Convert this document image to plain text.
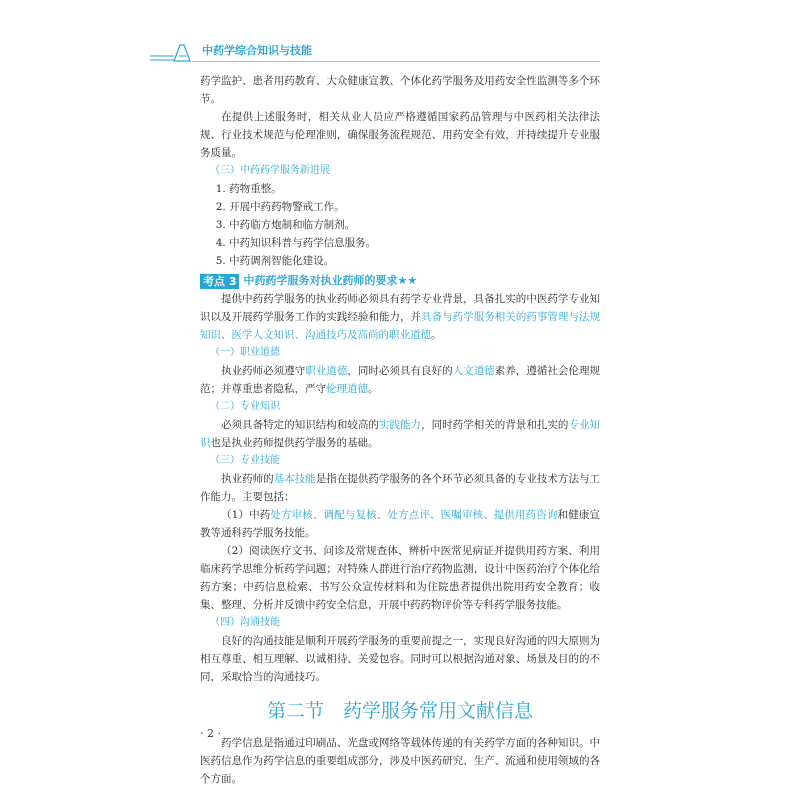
中药学综合知识与技能

药学监护、患者用药教育、大众健康宣教、个体化药学服务及用药安全性监测等多个环节。

在提供上述服务时，相关从业人员应严格遵循国家药品管理与中医药相关法律法规、行业技术规范与伦理准则，确保服务流程规范、用药安全有效，并持续提升专业服务质量。

（三）中药药学服务新进展

1. 药物重整。

2. 开展中药药物警戒工作。

3. 中药临方炮制和临方制剂。

4. 中药知识科普与药学信息服务。

5. 中药调剂智能化建设。

考点 3 中药药学服务对执业药师的要求★★

提供中药药学服务的执业药师必须具有药学专业背景，具备扎实的中医药学专业知识以及开展药学服务工作的实践经验和能力，并具备与药学服务相关的药事管理与法规知识、医学人文知识、沟通技巧及高尚的职业道德。

（一）职业道德

执业药师必须遵守职业道德，同时必须具有良好的人文道德素养，遵循社会伦理规范；并尊重患者隐私，严守伦理道德。

（二）专业知识

必须具备特定的知识结构和较高的实践能力，同时药学相关的背景和扎实的专业知识也是执业药师提供药学服务的基础。

（三）专业技能

执业药师的基本技能是指在提供药学服务的各个环节必须具备的专业技术方法与工作能力。主要包括：

（1）中药处方审核、调配与复核、处方点评、医嘱审核、提供用药咨询和健康宣教等通科药学服务技能。

（2）阅读医疗文书、问诊及常规查体、辨析中医常见病证并提供用药方案、利用临床药学思维分析药学问题；对特殊人群进行治疗药物监测，设计中医药治疗个体化给药方案；中药信息检索、书写公众宣传材料和为住院患者提供出院用药安全教育；收集、整理、分析并反馈中药安全信息，开展中药药物评价等专科药学服务技能。

（四）沟通技能

良好的沟通技能是顺利开展药学服务的重要前提之一，实现良好沟通的四大原则为相互尊重、相互理解、以诚相待、关爱包容。同时可以根据沟通对象、场景及目的的不同，采取恰当的沟通技巧。

第二节　药学服务常用文献信息

药学信息是指通过印刷品、光盘或网络等载体传递的有关药学方面的各种知识。中医药信息作为药学信息的重要组成部分，涉及中医药研究、生产、流通和使用领域的各个方面。

· 2 ·
